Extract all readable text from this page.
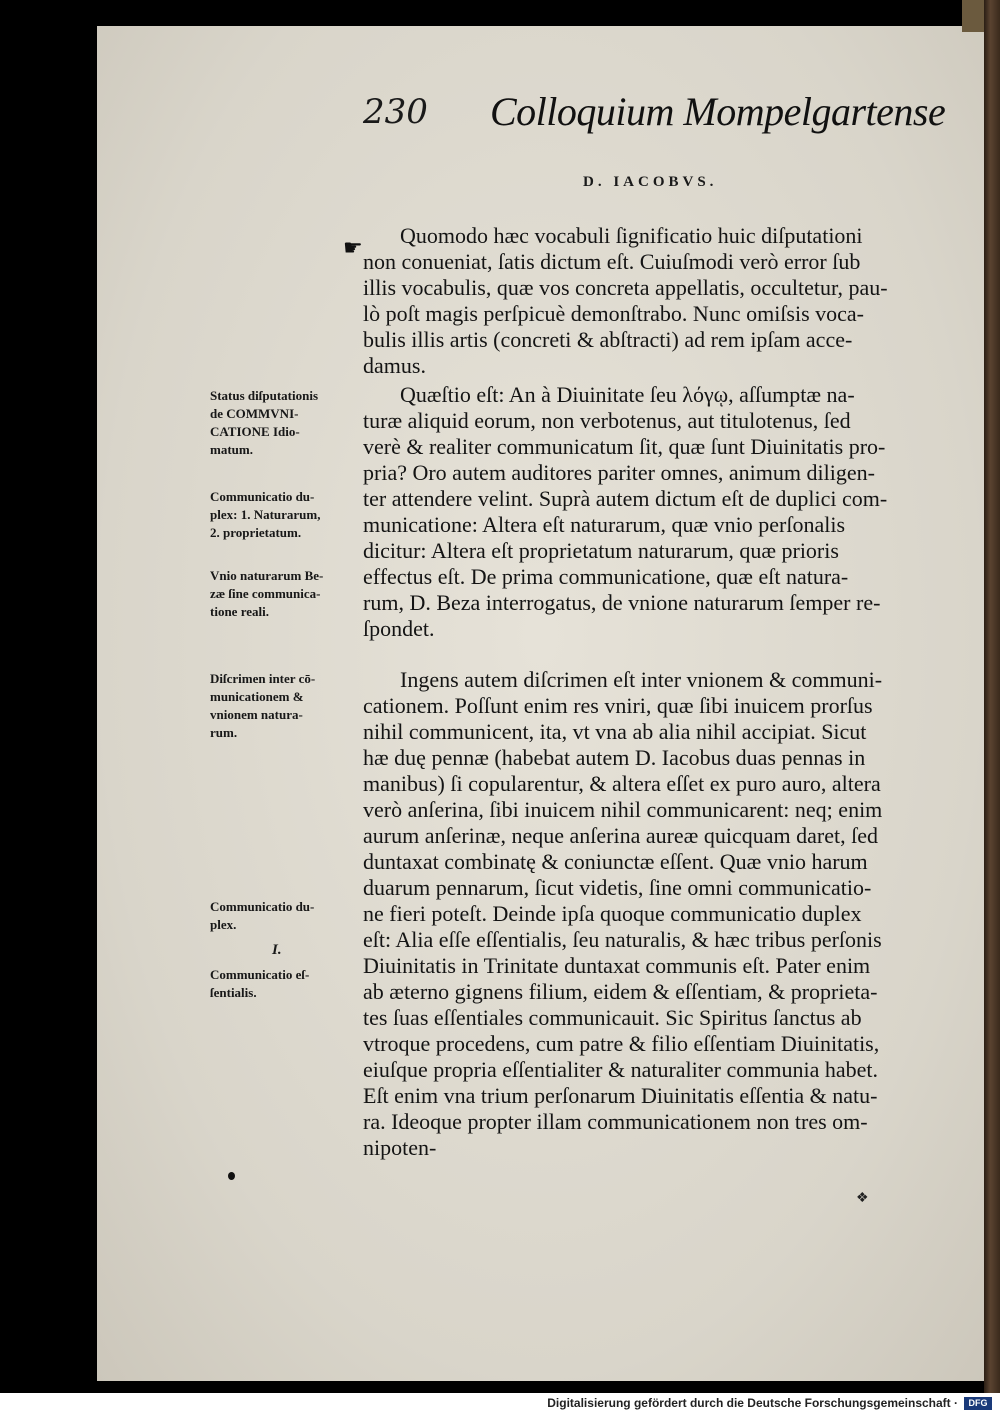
230 Colloquium Mompelgartense
D. IACOBVS.
☛
Quomodo hæc vocabuli ſignificatio huic diſputationi
non conueniat, ſatis dictum eſt. Cuiuſmodi verò error ſub
illis vocabulis, quæ vos concreta appellatis, occultetur, pau-
lò poſt magis perſpicuè demonſtrabo. Nunc omiſsis voca-
bulis illis artis (concreti & abſtracti) ad rem ipſam acce-
damus.
Quæſtio eſt: An à Diuinitate ſeu λόγῳ, aſſumptæ na-
turæ aliquid eorum, non verbotenus, aut titulotenus, ſed
verè & realiter communicatum ſit, quæ ſunt Diuinitatis pro-
pria? Oro autem auditores pariter omnes, animum diligen-
ter attendere velint. Suprà autem dictum eſt de duplici com-
municatione: Altera eſt naturarum, quæ vnio perſonalis
dicitur: Altera eſt proprietatum naturarum, quæ prioris
effectus eſt. De prima communicatione, quæ eſt natura-
rum, D. Beza interrogatus, de vnione naturarum ſemper re-
ſpondet.
Ingens autem diſcrimen eſt inter vnionem & communi-
cationem. Poſſunt enim res vniri, quæ ſibi inuicem prorſus
nihil communicent, ita, vt vna ab alia nihil accipiat. Sicut
hæ duę pennæ (habebat autem D. Iacobus duas pennas in
manibus) ſi copularentur, & altera eſſet ex puro auro, altera
verò anſerina, ſibi inuicem nihil communicarent: neq; enim
aurum anſerinæ, neque anſerina aureæ quicquam daret, ſed
duntaxat combinatę & coniunctæ eſſent. Quæ vnio harum
duarum pennarum, ſicut videtis, ſine omni communicatio-
ne fieri poteſt. Deinde ipſa quoque communicatio duplex
eſt: Alia eſſe eſſentialis, ſeu naturalis, & hæc tribus perſonis
Diuinitatis in Trinitate duntaxat communis eſt. Pater enim
ab æterno gignens filium, eidem & eſſentiam, & proprieta-
tes ſuas eſſentiales communicauit. Sic Spiritus ſanctus ab
vtroque procedens, cum patre & filio eſſentiam Diuinitatis,
eiuſque propria eſſentialiter & naturaliter communia habet.
Eſt enim vna trium perſonarum Diuinitatis eſſentia & natu-
ra. Ideoque propter illam communicationem non tres om-
nipoten-
Status diſputationis
de COMMVNI-
CATIONE Idio-
matum.
Communicatio du-
plex: 1. Naturarum,
2. proprietatum.
Vnio naturarum Be-
zæ ſine communica-
tione reali.
Diſcrimen inter cō-
municationem &
vnionem natura-
rum.
Communicatio du-
plex.
Communicatio eſ-
ſentialis.
I.
❖
Digitalisierung gefördert durch die Deutsche Forschungsgemeinschaft ·	DFG
